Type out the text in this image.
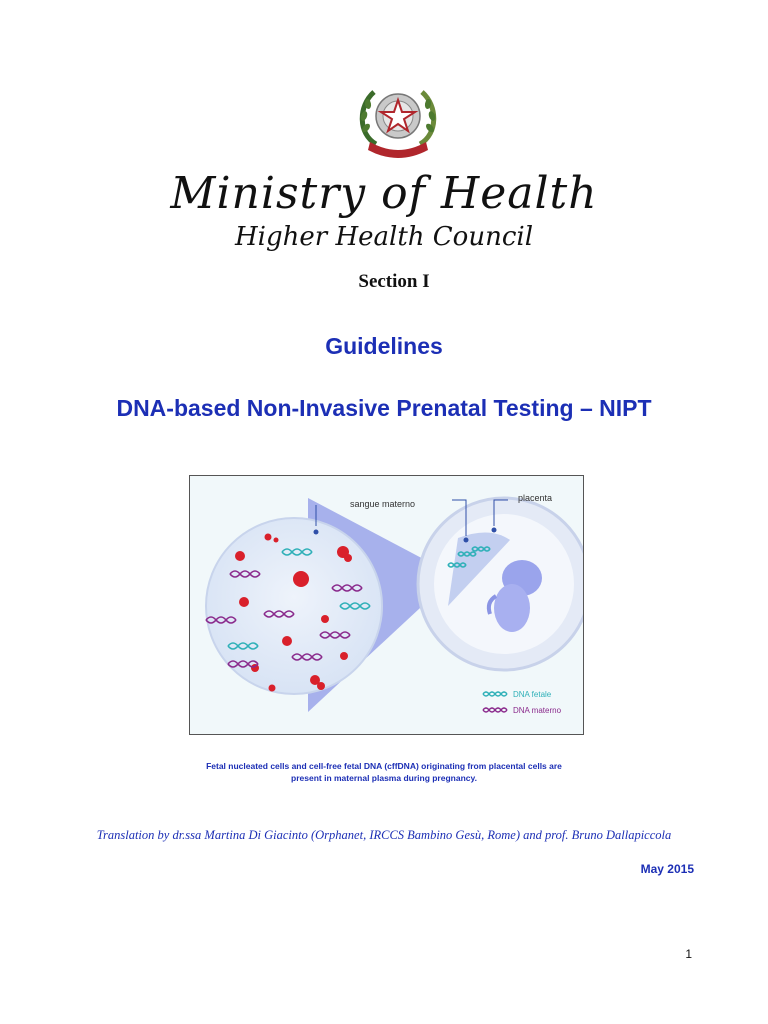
Ministry of Health
Higher Health Council
Section I
Guidelines
DNA-based Non-Invasive Prenatal Testing – NIPT
sangue materno
placenta
DNA fetale
DNA materno
Fetal nucleated cells and cell-free fetal DNA (cffDNA) originating from placental cells are
present in maternal plasma during pregnancy.
Translation by dr.ssa Martina Di Giacinto (Orphanet, IRCCS Bambino Gesù, Rome) and prof. Bruno Dallapiccola
May 2015
1
